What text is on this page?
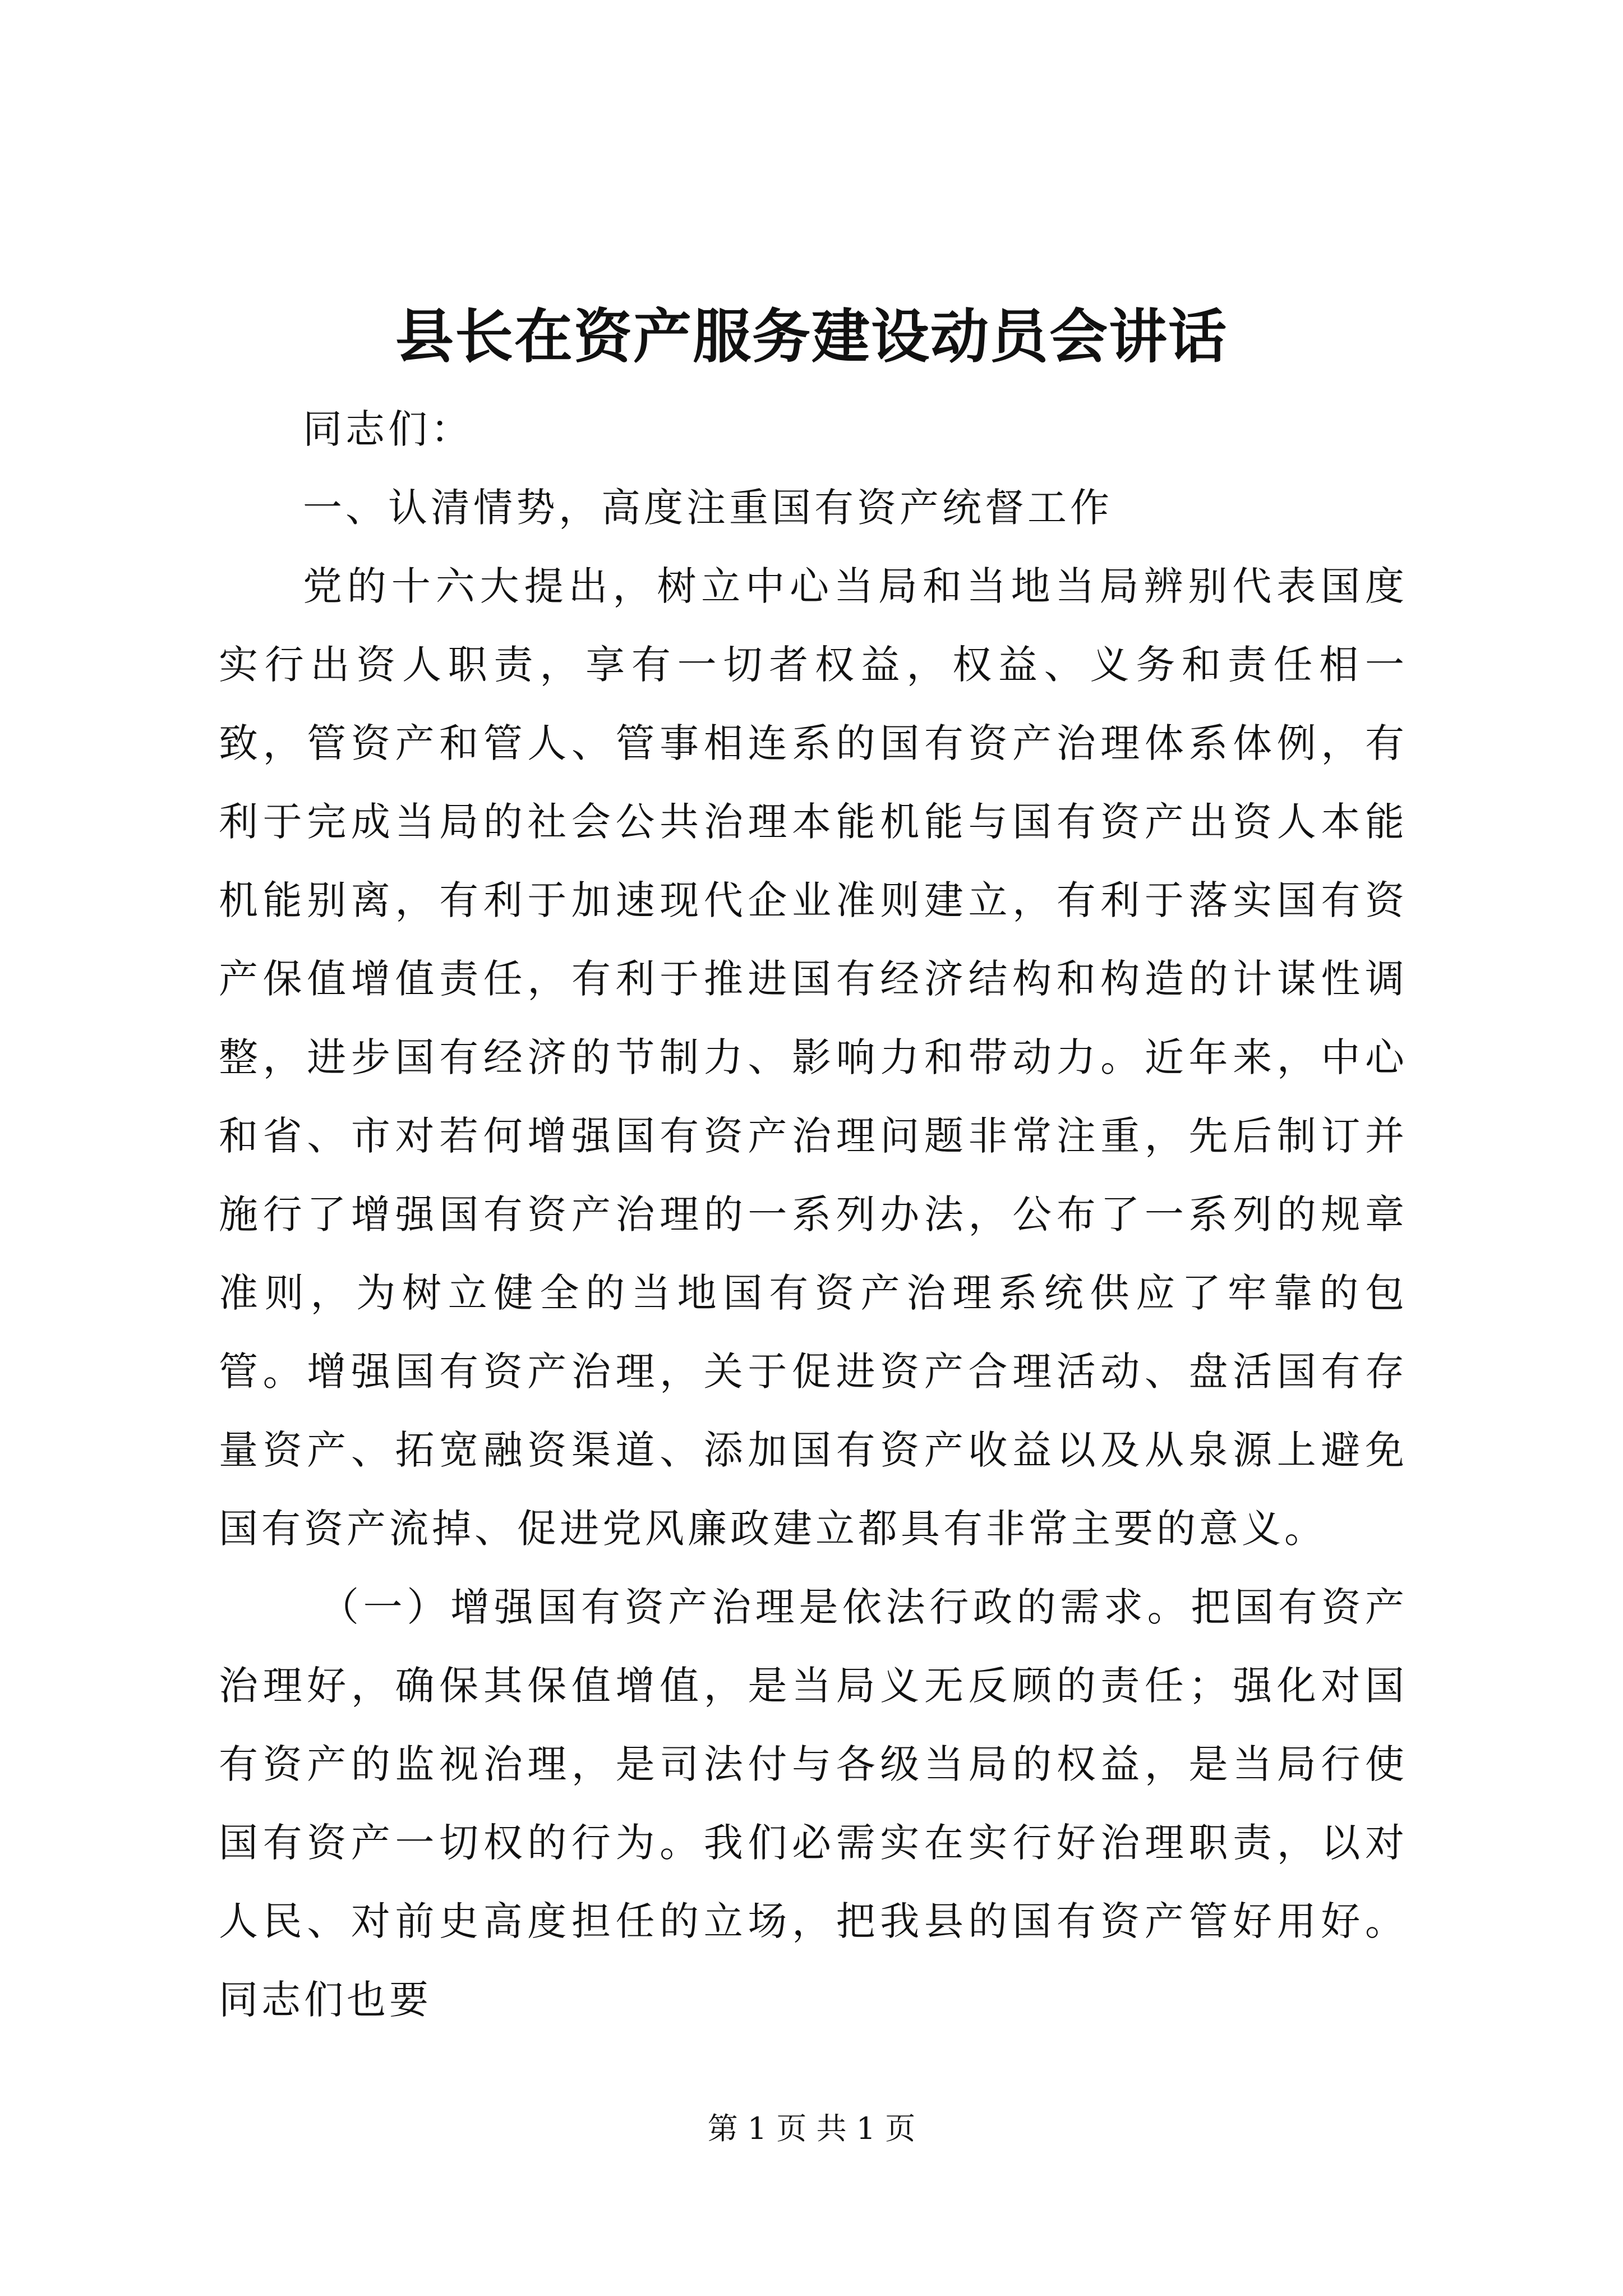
县长在资产服务建设动员会讲话

同志们：

一、认清情势，高度注重国有资产统督工作

党的十六大提出，树立中心当局和当地当局辨别代表国度实行出资人职责，享有一切者权益，权益、义务和责任相一致，管资产和管人、管事相连系的国有资产治理体系体例，有利于完成当局的社会公共治理本能机能与国有资产出资人本能机能别离，有利于加速现代企业准则建立，有利于落实国有资产保值增值责任，有利于推进国有经济结构和构造的计谋性调整，进步国有经济的节制力、影响力和带动力。近年来，中心和省、市对若何增强国有资产治理问题非常注重，先后制订并施行了增强国有资产治理的一系列办法，公布了一系列的规章准则，为树立健全的当地国有资产治理系统供应了牢靠的包管。增强国有资产治理，关于促进资产合理活动、盘活国有存量资产、拓宽融资渠道、添加国有资产收益以及从泉源上避免国有资产流掉、促进党风廉政建立都具有非常主要的意义。

（一）增强国有资产治理是依法行政的需求。把国有资产治理好，确保其保值增值，是当局义无反顾的责任；强化对国有资产的监视治理，是司法付与各级当局的权益，是当局行使国有资产一切权的行为。我们必需实在实行好治理职责，以对人民、对前史高度担任的立场，把我县的国有资产管好用好。同志们也要

第 1 页 共 1 页
